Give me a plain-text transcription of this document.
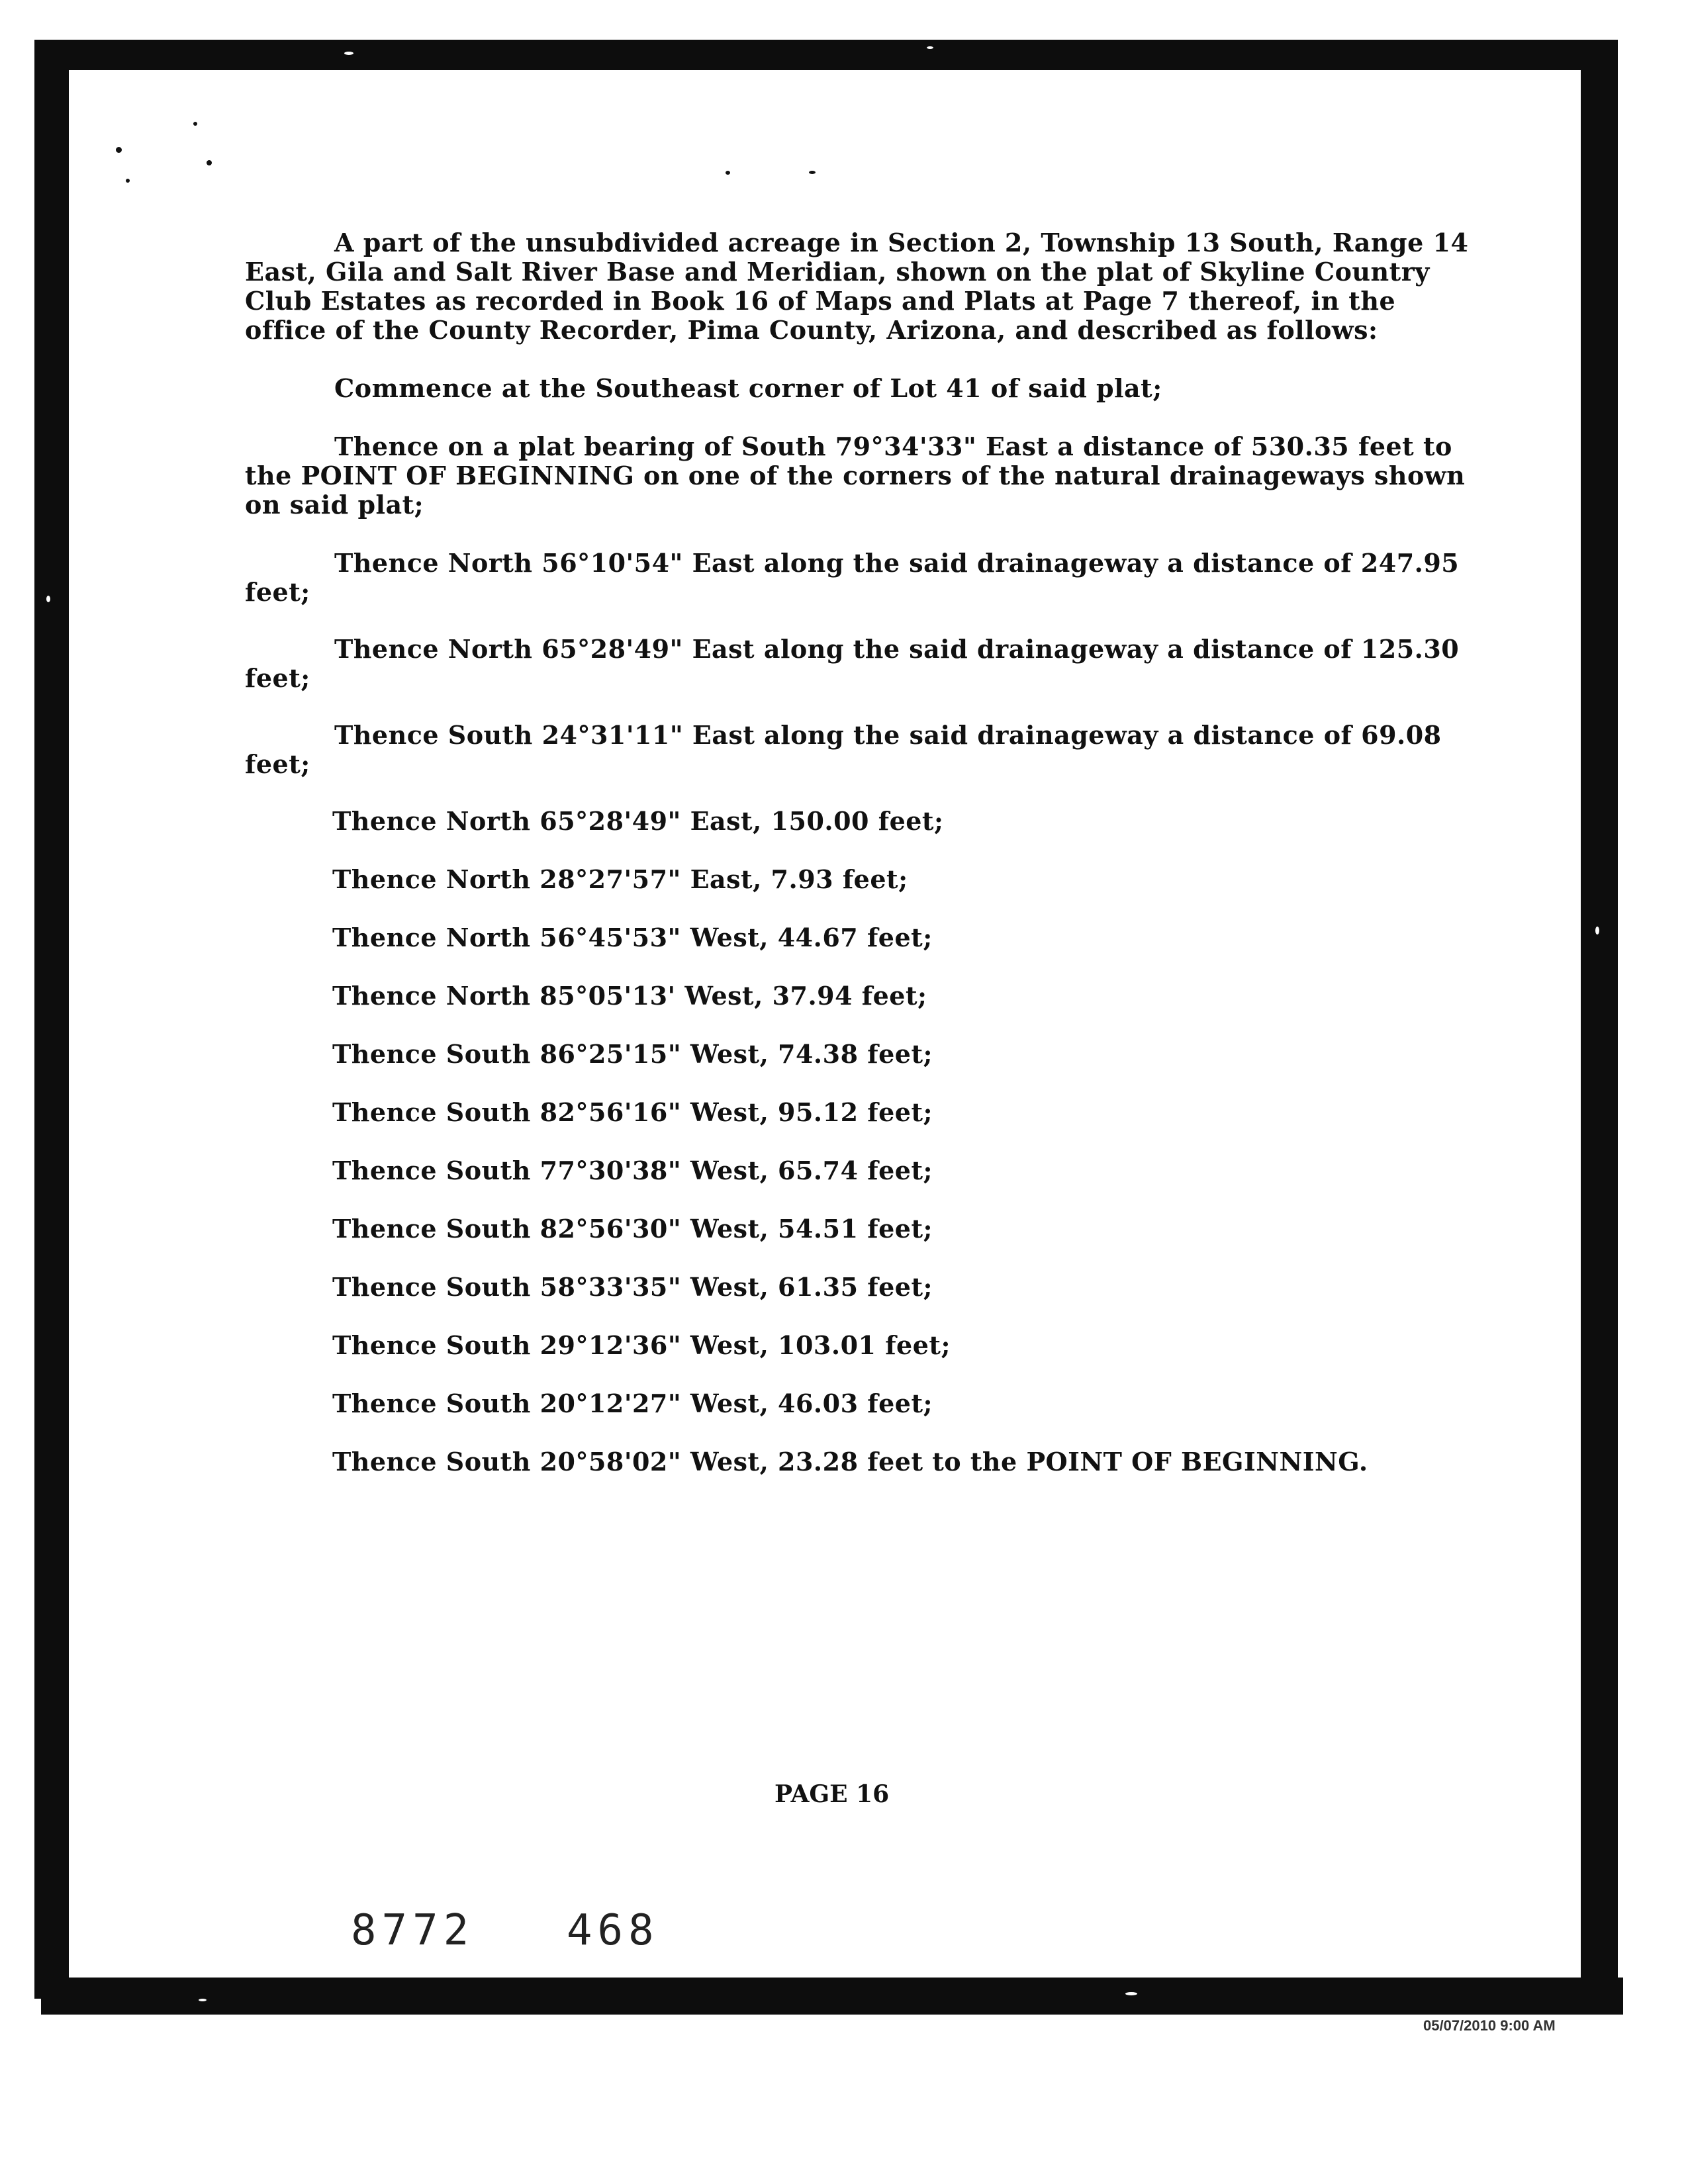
A part of the unsubdivided acreage in Section 2, Township 13 South, Range 14 East, Gila and Salt River Base and Meridian, shown on the plat of Skyline Country Club Estates as recorded in Book 16 of Maps and Plats at Page 7 thereof, in the office of the County Recorder, Pima County, Arizona, and described as follows:

Commence at the Southeast corner of Lot 41 of said plat;

Thence on a plat bearing of South 79°34'33" East a distance of 530.35 feet to the POINT OF BEGINNING on one of the corners of the natural drainageways shown on said plat;

Thence North 56°10'54" East along the said drainageway a distance of 247.95 feet;

Thence North 65°28'49" East along the said drainageway a distance of 125.30 feet;

Thence South 24°31'11" East along the said drainageway a distance of 69.08 feet;

Thence North 65°28'49" East, 150.00 feet;

Thence North 28°27'57" East, 7.93 feet;

Thence North 56°45'53" West, 44.67 feet;

Thence North 85°05'13' West, 37.94 feet;

Thence South 86°25'15" West, 74.38 feet;

Thence South 82°56'16" West, 95.12 feet;

Thence South 77°30'38" West, 65.74 feet;

Thence South 82°56'30" West, 54.51 feet;

Thence South 58°33'35" West, 61.35 feet;

Thence South 29°12'36" West, 103.01 feet;

Thence South 20°12'27" West, 46.03 feet;

Thence South 20°58'02" West, 23.28 feet to the POINT OF BEGINNING.

PAGE 16
8772 468
05/07/2010 9:00 AM
